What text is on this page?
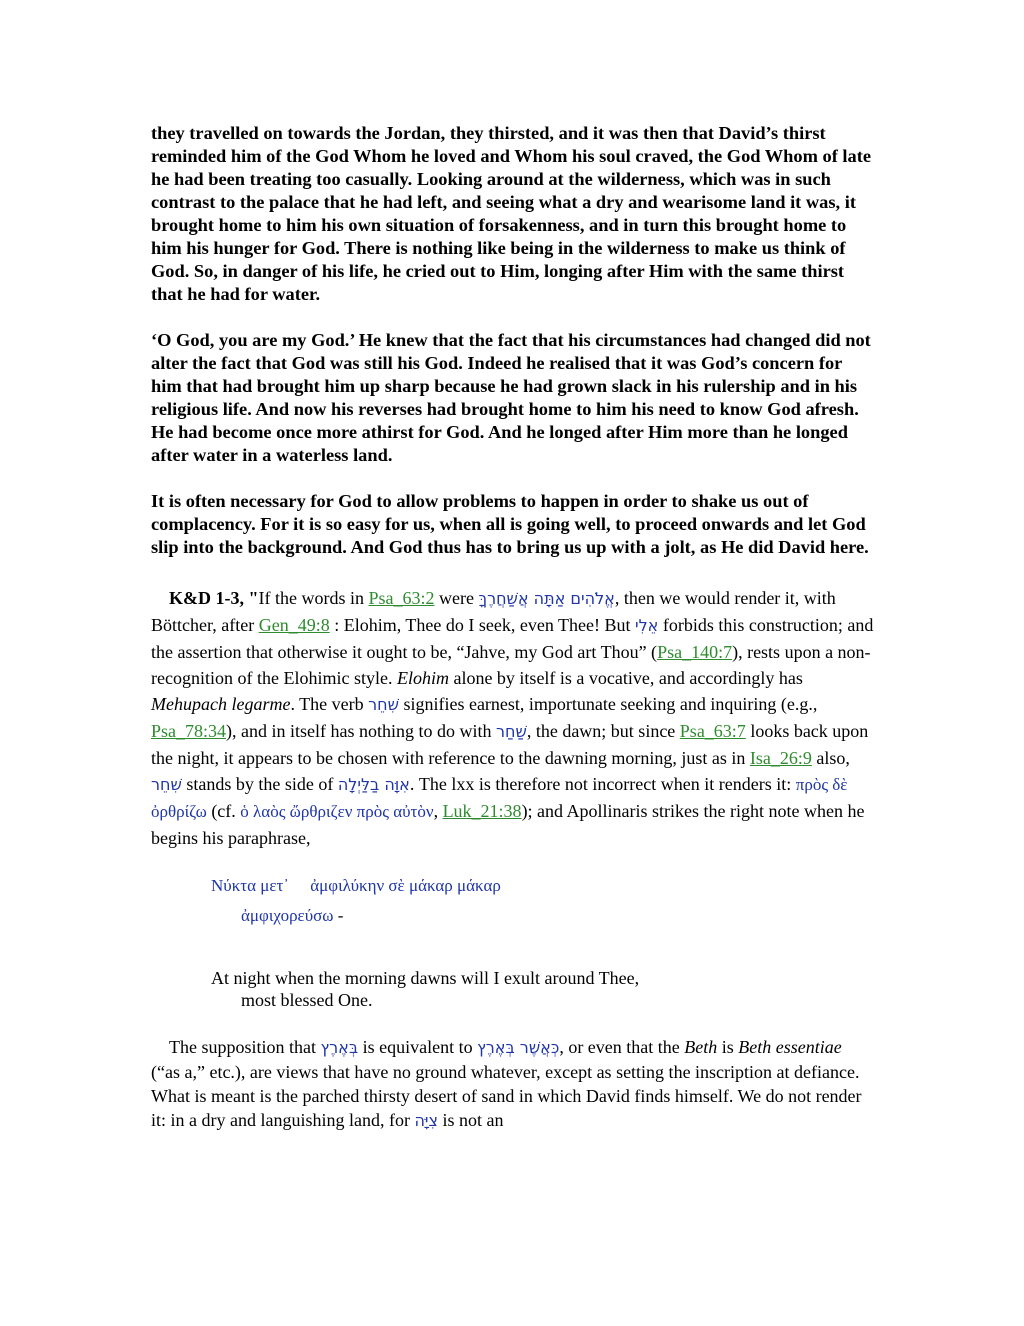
they travelled on towards the Jordan, they thirsted, and it was then that David’s thirst reminded him of the God Whom he loved and Whom his soul craved, the God Whom of late he had been treating too casually. Looking around at the wilderness, which was in such contrast to the palace that he had left, and seeing what a dry and wearisome land it was, it brought home to him his own situation of forsakenness, and in turn this brought home to him his hunger for God. There is nothing like being in the wilderness to make us think of God. So, in danger of his life, he cried out to Him, longing after Him with the same thirst that he had for water.

‘O God, you are my God.’ He knew that the fact that his circumstances had changed did not alter the fact that God was still his God. Indeed he realised that it was God’s concern for him that had brought him up sharp because he had grown slack in his rulership and in his religious life. And now his reverses had brought home to him his need to know God afresh. He had become once more athirst for God. And he longed after Him more than he longed after water in a waterless land.

It is often necessary for God to allow problems to happen in order to shake us out of complacency. For it is so easy for us, when all is going well, to proceed onwards and let God slip into the background. And God thus has to bring us up with a jolt, as He did David here.

K&D 1-3, "If the words in Psa_63:2 were אֱלֹהִים אַתָּה אֲשַׁחֲרֶךָּ, then we would render it, with Böttcher, after Gen_49:8 : Elohim, Thee do I seek, even Thee! But אֵלִי forbids this construction; and the assertion that otherwise it ought to be, “Jahve, my God art Thou” (Psa_140:7), rests upon a non-recognition of the Elohimic style. Elohim alone by itself is a vocative, and accordingly has Mehupach legarme. The verb שִׁחֵר signifies earnest, importunate seeking and inquiring (e.g., Psa_78:34), and in itself has nothing to do with שַׁחַר, the dawn; but since Psa_63:7 looks back upon the night, it appears to be chosen with reference to the dawning morning, just as in Isa_26:9 also, שִׁחֵר stands by the side of אִוָּה בַלַּיְלָה. The lxx is therefore not incorrect when it renders it: πρὸς δὲ ὀρθρίζω (cf. ὁ λαὸς ὤρθριζεν πρὸς αὐτὸν, Luk_21:38); and Apollinaris strikes the right note when he begins his paraphrase,

Νύκτα μετ᾽     ἀμφιλύκην σὲ μάκαρ μάκαρ
ἀμφιχορεύσω -
At night when the morning dawns will I exult around Thee,
most blessed One.

The supposition that בְּאֶרֶץ is equivalent to כְּאֲשֶׁר בְּאֶרֶץ, or even that the Beth is Beth essentiae (“as a,” etc.), are views that have no ground whatever, except as setting the inscription at defiance. What is meant is the parched thirsty desert of sand in which David finds himself. We do not render it: in a dry and languishing land, for צִיָּה is not an
